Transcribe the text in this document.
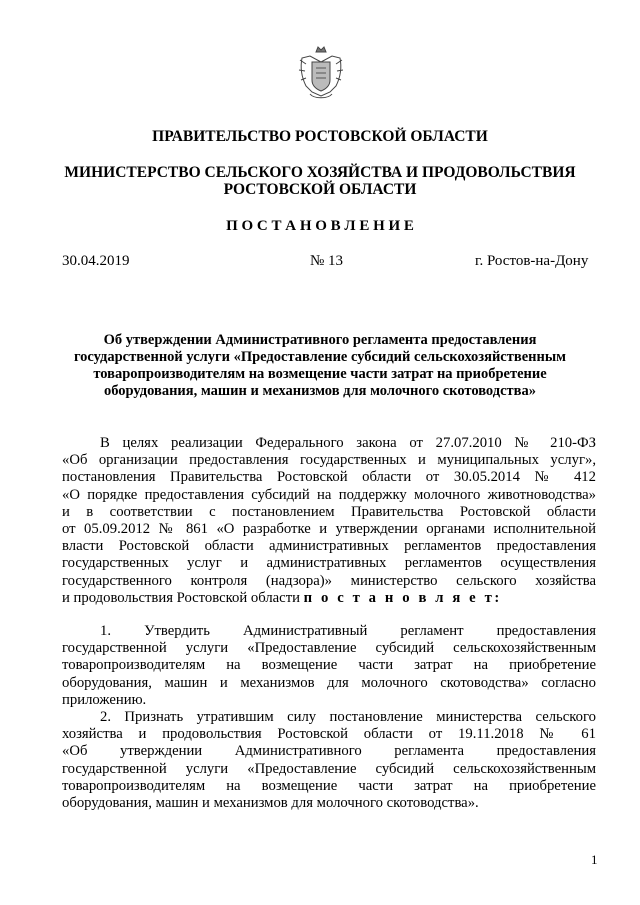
ПРАВИТЕЛЬСТВО РОСТОВСКОЙ ОБЛАСТИ
МИНИСТЕРСТВО СЕЛЬСКОГО ХОЗЯЙСТВА И ПРОДОВОЛЬСТВИЯ
РОСТОВСКОЙ ОБЛАСТИ
П О С Т А Н О В Л Е Н И Е
30.04.2019	№ 13	г. Ростов-на-Дону
Об утверждении Административного регламента предоставления
государственной услуги «Предоставление субсидий сельскохозяйственным
товаропроизводителям на возмещение части затрат на приобретение
оборудования, машин и механизмов для молочного скотоводства»
В целях реализации Федерального закона от 27.07.2010 № 210-ФЗ
«Об организации предоставления государственных и муниципальных услуг»,
постановления Правительства Ростовской области от 30.05.2014 № 412
«О порядке предоставления субсидий на поддержку молочного животноводства»
и в соответствии с постановлением Правительства Ростовской области
от 05.09.2012 № 861 «О разработке и утверждении органами исполнительной
власти Ростовской области административных регламентов предоставления
государственных услуг и административных регламентов осуществления
государственного контроля (надзора)» министерство сельского хозяйства
и продовольствия Ростовской области п о с т а н о в л я е т:
1. Утвердить Административный регламент предоставления
государственной услуги «Предоставление субсидий сельскохозяйственным
товаропроизводителям на возмещение части затрат на приобретение
оборудования, машин и механизмов для молочного скотоводства» согласно
приложению.
2. Признать утратившим силу постановление министерства сельского
хозяйства и продовольствия Ростовской области от 19.11.2018 № 61
«Об утверждении Административного регламента предоставления
государственной услуги «Предоставление субсидий сельскохозяйственным
товаропроизводителям на возмещение части затрат на приобретение
оборудования, машин и механизмов для молочного скотоводства».
1
